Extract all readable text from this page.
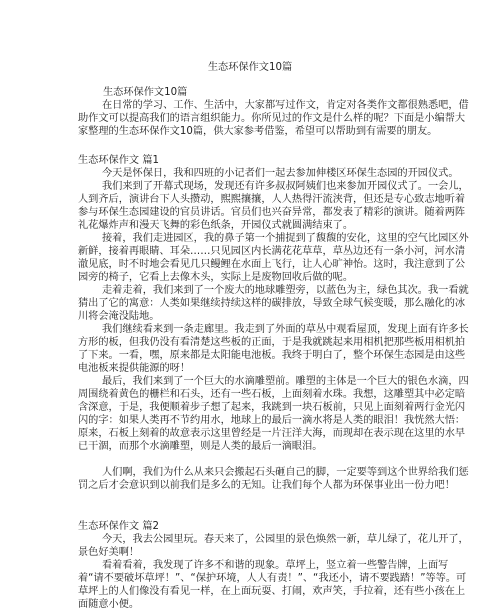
生态环保作文10篇

生态环保作文10篇

在日常的学习、工作、生活中，大家都写过作文，肯定对各类作文都很熟悉吧，借助作文可以提高我们的语言组织能力。你所见过的作文是什么样的呢？下面是小编帮大家整理的生态环保作文10篇，供大家参考借鉴，希望可以帮助到有需要的朋友。

生态环保作文 篇1

今天是怀保日，我和四班的小记者们一起去参加伸楼区环保生态园的开园仪式。

我们来到了开幕式现场，发现还有许多叔叔阿姨们也来参加开园仪式了。一会儿，人到齐后，演讲台下人头攒动，熙熙攘攘，人人热得汗流浃背，但还是专心致志地听着参与环保生态园建设的官员讲话。官员们也兴奋异常，都发表了精彩的演讲。随着两阵礼花爆炸声和漫天飞舞的彩色纸条，开园仪式就圆满结束了。

接着，我们走进园区，我的鼻子第一个捕捉到了馥馥的安化，这里的空气比园区外新鲜，接着再眼睛、耳朵……只见园区内长满花花草草，草丛边还有一条小河，河水清澈见底，时不时地会看见几只鳗鲤在水面上飞行，让人心旷神怡。这时，我注意到了公园旁的椅子，它看上去像木头，实际上是废物回收后做的呢。

走着走着，我们来到了一个废大的地球雕塑旁，以蓝色为主，绿色其次。我一看就猜出了它的寓意：人类如果继续持续这样的碳排放，导致全球气候变暖，那么融化的冰川将会淹没陆地。

我们继续看来到一条走廊里。我走到了外面的草丛中观看屋顶，发现上面有许多长方形的板，但我仍没有看清楚这些板的正面，于是我就跳起来用相机把那些板用相机拍了下来。一看，嘿，原来都是太阳能电池板。我终于明白了，整个环保生态园是由这些电池板来提供能源的呀！

最后，我们来到了一个巨大的水滴雕塑前。雕塑的主体是一个巨大的银色水滴，四周围绕着黄色的栅栏和石头，还有一些石板，上面刻着水珠。我想，这雕塑其中必定暗含深意，于是，我便顺着步子想了起来，我跳到一块石板前，只见上面刻着两行金光闪闪的字：如果人类再不节约用水，地球上的最后一滴水将是人类的眼泪！我恍然大悟：原来，石板上刻着的故意表示这里曾经是一片汪洋大海，而现却在表示现在这里的水早已干涸，而那个水滴雕塑，则是人类的最后一滴眼泪。

人们啊，我们为什么从来只会搬起石头砸自己的脚，一定要等到这个世界给我们惩罚之后才会意识到以前我们是多么的无知。让我们每个人都为环保事业出一份力吧！

生态环保作文 篇2

今天，我去公园里玩。春天来了，公园里的景色焕然一新，草儿绿了，花儿开了，景色好美啊！

看着看着，我发现了许多不和谐的现象。草坪上，竖立着一些警告牌，上面写着“请不要破坏草坪！”、“保护环境，人人有责！”、“我还小，请不要践踏！”等等。可草坪上的人们像没有看见一样，在上面玩耍、打闹，欢声笑，手拉着，还有些小孩在上面随意小便。
